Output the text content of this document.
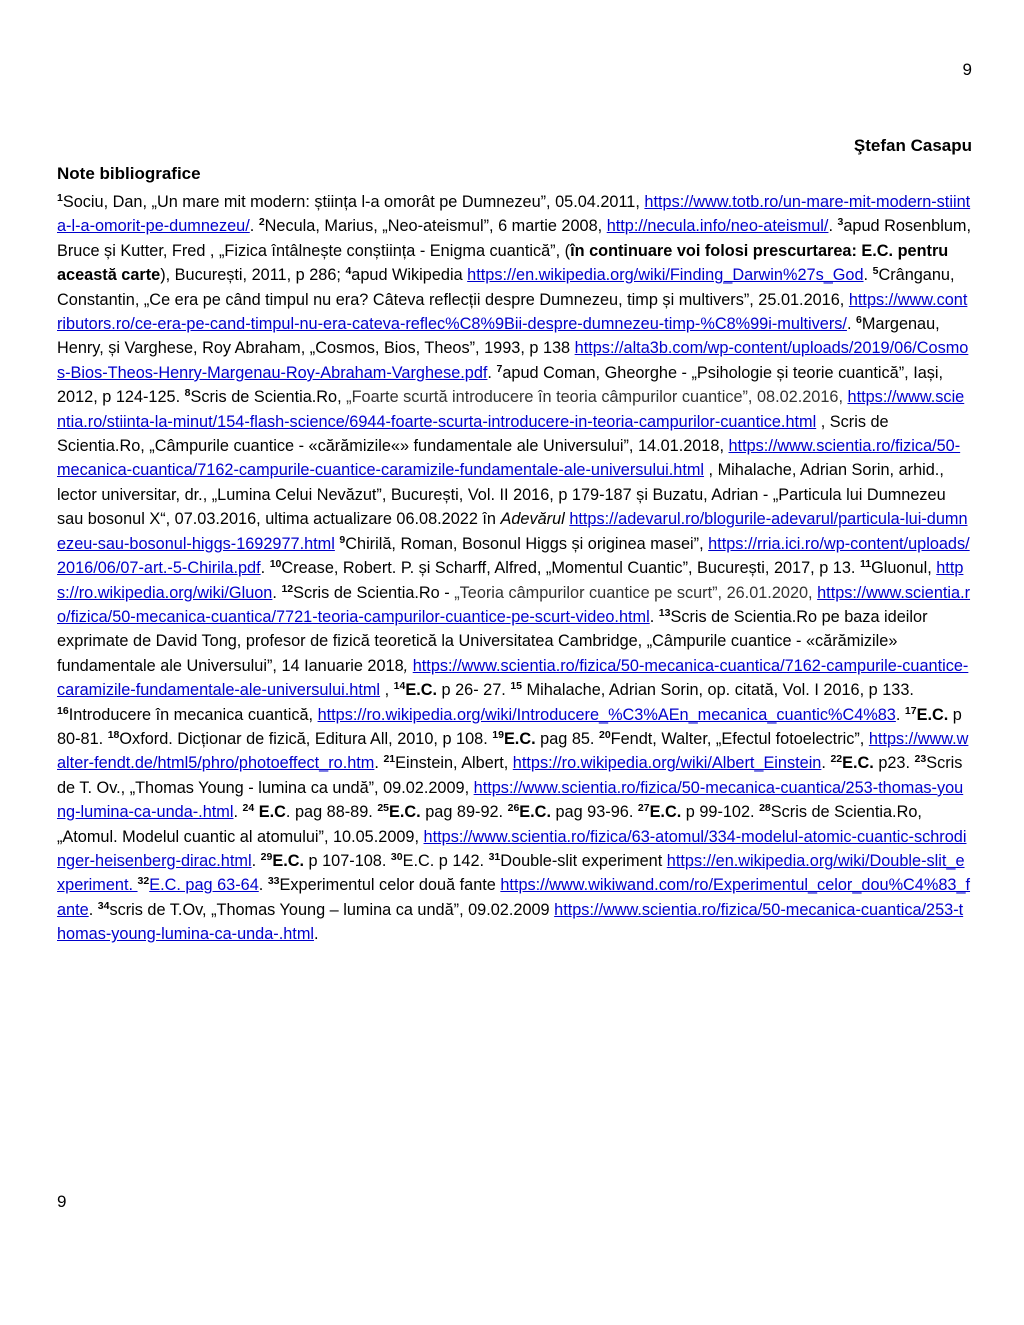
9
Ştefan Casapu
Note bibliografice
$^1$Sociu, Dan, „Un mare mit modern: știința l-a omorât pe Dumnezeu”, 05.04.2011, https://www.totb.ro/un-mare-mit-modern-stiinta-l-a-omorit-pe-dumnezeu/. $^2$Necula, Marius, „Neo-ateismul”, 6 martie 2008, http://necula.info/neo-ateismul/. $^3$apud Rosenblum, Bruce și Kutter, Fred , „Fizica întâlnește conștiința - Enigma cuantică”, (în continuare voi folosi prescurtarea: E.C. pentru această carte), București, 2011, p 286; $^4$apud Wikipedia https://en.wikipedia.org/wiki/Finding_Darwin%27s_God. $^5$Crânganu, Constantin, „Ce era pe când timpul nu era? Câteva reflecții despre Dumnezeu, timp și multivers”, 25.01.2016, https://www.contributors.ro/ce-era-pe-cand-timpul-nu-era-cateva-reflec%C8%9Bii-despre-dumnezeu-timp-%C8%99i-multivers/. $^6$Margenau, Henry, și Varghese, Roy Abraham, „Cosmos, Bios, Theos”, 1993, p 138 https://alta3b.com/wp-content/uploads/2019/06/Cosmos-Bios-Theos-Henry-Margenau-Roy-Abraham-Varghese.pdf. $^7$apud Coman, Gheorghe - „Psihologie și teorie cuantică”, Iași, 2012, p 124-125. $^8$Scris de Scientia.Ro, „Foarte scurtă introducere în teoria câmpurilor cuantice”, 08.02.2016, https://www.scientia.ro/stiinta-la-minut/154-flash-science/6944-foarte-scurta-introducere-in-teoria-campurilor-cuantice.html , Scris de Scientia.Ro, „Câmpurile cuantice - «cărămizile«» fundamentale ale Universului”, 14.01.2018, https://www.scientia.ro/fizica/50-mecanica-cuantica/7162-campurile-cuantice-caramizile-fundamentale-ale-universului.html , Mihalache, Adrian Sorin, arhid., lector universitar, dr., „Lumina Celui Nevăzut”, București, Vol. II 2016, p 179-187 și Buzatu, Adrian - „Particula lui Dumnezeu sau bosonul X“, 07.03.2016, ultima actualizare 06.08.2022 în Adevărul https://adevarul.ro/blogurile-adevarul/particula-lui-dumnezeu-sau-bosonul-higgs-1692977.html $^9$Chirilă, Roman, Bosonul Higgs și originea masei”, https://rria.ici.ro/wp-content/uploads/2016/06/07-art.-5-Chirila.pdf. $^{10}$Crease, Robert. P. și Scharff, Alfred, „Momentul Cuantic”, București, 2017, p 13. $^{11}$Gluonul, https://ro.wikipedia.org/wiki/Gluon. $^{12}$Scris de Scientia.Ro - „Teoria câmpurilor cuantice pe scurt”, 26.01.2020, https://www.scientia.ro/fizica/50-mecanica-cuantica/7721-teoria-campurilor-cuantice-pe-scurt-video.html. $^{13}$Scris de Scientia.Ro pe baza ideilor exprimate de David Tong, profesor de fizică teoretică la Universitatea Cambridge, „Câmpurile cuantice - «cărămizile» fundamentale ale Universului”, 14 Ianuarie 2018, https://www.scientia.ro/fizica/50-mecanica-cuantica/7162-campurile-cuantice-caramizile-fundamentale-ale-universului.html , $^{14}$E.C. p 26- 27. $^{15}$ Mihalache, Adrian Sorin, op. citată, Vol. I 2016, p 133. $^{16}$Introducere în mecanica cuantică, https://ro.wikipedia.org/wiki/Introducere_%C3%AEn_mecanica_cuantic%C4%83. $^{17}$E.C. p 80-81. $^{18}$Oxford. Dicționar de fizică, Editura All, 2010, p 108. $^{19}$E.C. pag 85. $^{20}$Fendt, Walter, „Efectul fotoelectric”, https://www.walter-fendt.de/html5/phro/photoeffect_ro.htm. $^{21}$Einstein, Albert, https://ro.wikipedia.org/wiki/Albert_Einstein. $^{22}$E.C. p23. $^{23}$Scris de T. Ov., „Thomas Young - lumina ca undă”, 09.02.2009, https://www.scientia.ro/fizica/50-mecanica-cuantica/253-thomas-young-lumina-ca-unda-.html. $^{24}$ E.C. pag 88-89. $^{25}$E.C. pag 89-92. $^{26}$E.C. pag 93-96. $^{27}$E.C. p 99-102. $^{28}$Scris de Scientia.Ro, „Atomul. Modelul cuantic al atomului”, 10.05.2009, https://www.scientia.ro/fizica/63-atomul/334-modelul-atomic-cuantic-schrodinger-heisenberg-dirac.html. $^{29}$E.C. p 107-108. $^{30}$E.C. p 142. $^{31}$Double-slit experiment https://en.wikipedia.org/wiki/Double-slit_experiment. $^{32}$E.C. pag 63-64. $^{33}$Experimentul celor două fante https://www.wikiwand.com/ro/Experimentul_celor_dou%C4%83_fante. $^{34}$scris de T.Ov, „Thomas Young – lumina ca undă”, 09.02.2009 https://www.scientia.ro/fizica/50-mecanica-cuantica/253-thomas-young-lumina-ca-unda-.html.
9
